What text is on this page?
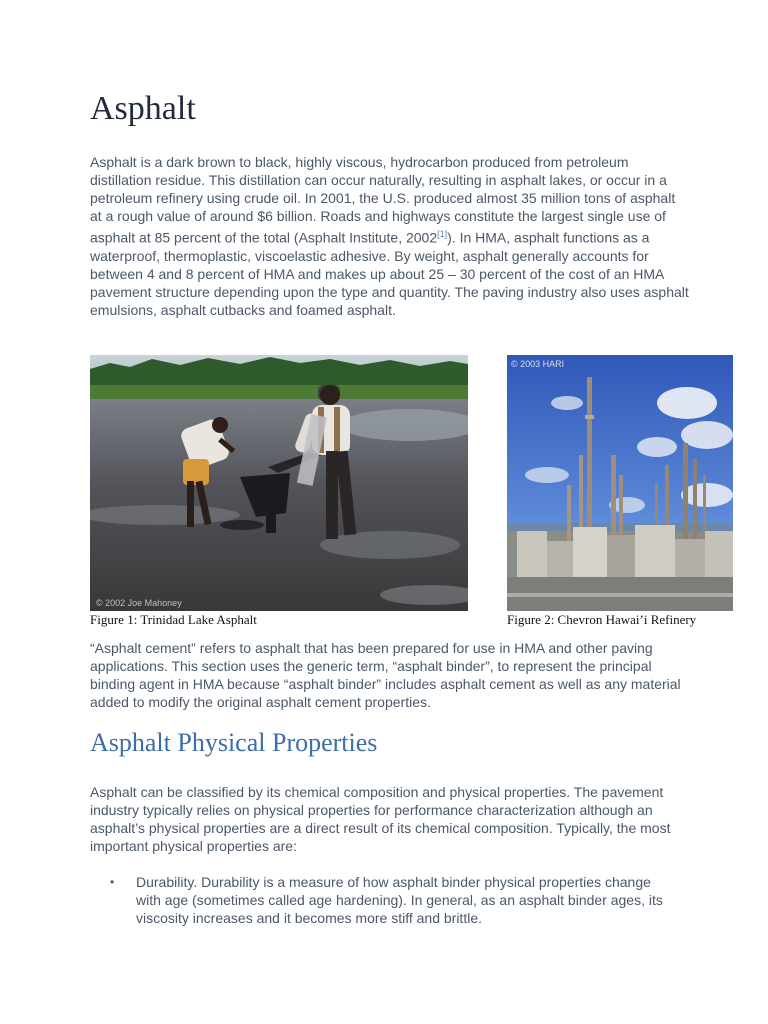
Asphalt

Asphalt is a dark brown to black, highly viscous, hydrocarbon produced from petroleum distillation residue. This distillation can occur naturally, resulting in asphalt lakes, or occur in a petroleum refinery using crude oil. In 2001, the U.S. produced almost 35 million tons of asphalt at a rough value of around $6 billion. Roads and highways constitute the largest single use of asphalt at 85 percent of the total (Asphalt Institute, 2002[1]). In HMA, asphalt functions as a waterproof, thermoplastic, viscoelastic adhesive. By weight, asphalt generally accounts for between 4 and 8 percent of HMA and makes up about 25 – 30 percent of the cost of an HMA pavement structure depending upon the type and quantity. The paving industry also uses asphalt emulsions, asphalt cutbacks and foamed asphalt.

© 2002 Joe Mahoney
© 2003 HARI

Figure 1: Trinidad Lake Asphalt	Figure 2: Chevron Hawai’i Refinery

“Asphalt cement” refers to asphalt that has been prepared for use in HMA and other paving applications. This section uses the generic term, “asphalt binder”, to represent the principal binding agent in HMA because “asphalt binder” includes asphalt cement as well as any material added to modify the original asphalt cement properties.

Asphalt Physical Properties

Asphalt can be classified by its chemical composition and physical properties. The pavement industry typically relies on physical properties for performance characterization although an asphalt’s physical properties are a direct result of its chemical composition. Typically, the most important physical properties are:

• Durability. Durability is a measure of how asphalt binder physical properties change with age (sometimes called age hardening). In general, as an asphalt binder ages, its viscosity increases and it becomes more stiff and brittle.
